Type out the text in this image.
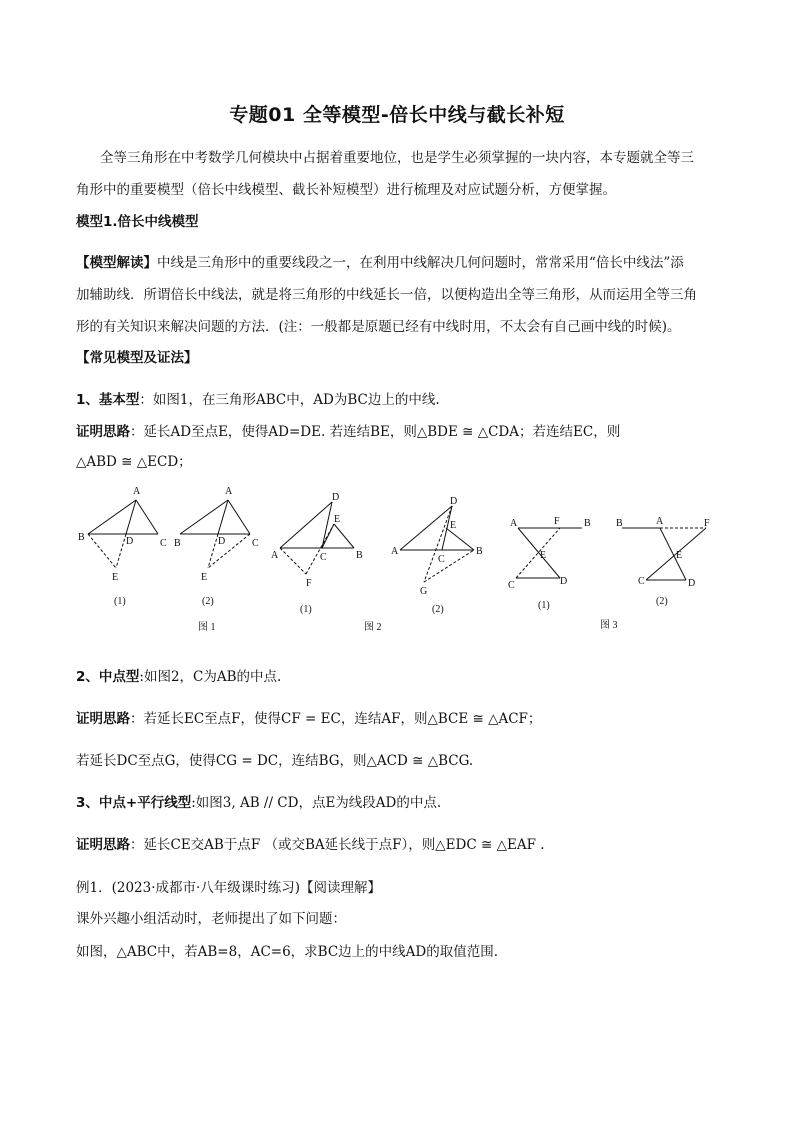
专题01 全等模型-倍长中线与截长补短
全等三角形在中考数学几何模块中占据着重要地位，也是学生必须掌握的一块内容，本专题就全等三
角形中的重要模型（倍长中线模型、截长补短模型）进行梳理及对应试题分析，方便掌握。
模型1.倍长中线模型
【模型解读】中线是三角形中的重要线段之一，在利用中线解决几何问题时，常常采用“倍长中线法”添
加辅助线．所谓倍长中线法，就是将三角形的中线延长一倍，以便构造出全等三角形，从而运用全等三角
形的有关知识来解决问题的方法．(注：一般都是原题已经有中线时用，不太会有自己画中线的时候)。
【常见模型及证法】
1、基本型：如图1，在三角形ABC中，AD为BC边上的中线.
证明思路：延长AD至点E，使得AD=DE. 若连结BE，则△BDE ≅ △CDA；若连结EC，则
△ABD ≅ △ECD；
A
B	D	C
E
A
B	D	C
E
D
E
A	C	B
F
D
E
A
C
B
G
A	F B
E
C	D
B	A	F
E
C	D
(1)	(2)
(1)	(2)	(1)	(2)
图 1	图 2	图 3
2、中点型:如图2，C为AB的中点.
证明思路：若延长EC至点F，使得CF = EC，连结AF，则△BCE ≅ △ACF；
若延长DC至点G，使得CG = DC，连结BG，则△ACD ≅ △BCG.
3、中点+平行线型:如图3, AB // CD，点E为线段AD的中点.
证明思路：延长CE交AB于点F （或交BA延长线于点F），则△EDC ≅ △EAF .
例1．(2023·成都市·八年级课时练习)【阅读理解】
课外兴趣小组活动时，老师提出了如下问题：
如图，△ABC中，若AB=8，AC=6，求BC边上的中线AD的取值范围.
